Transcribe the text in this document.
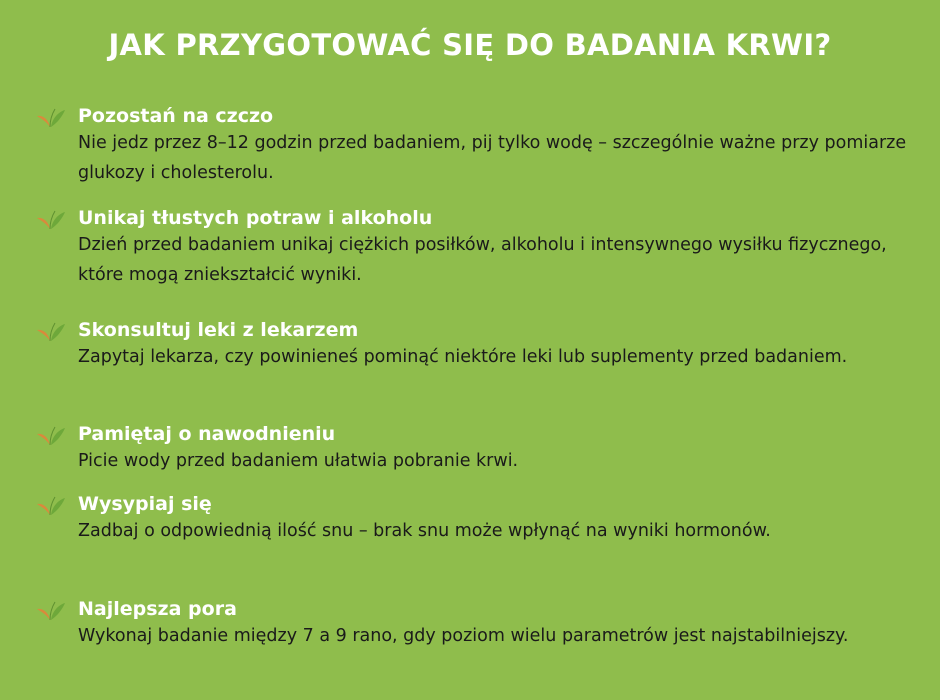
JAK PRZYGOTOWAĆ SIĘ DO BADANIA KRWI?
Pozostań na czczo
Nie jedz przez 8–12 godzin przed badaniem, pij tylko wodę – szczególnie ważne przy pomiarze glukozy i cholesterolu.
Unikaj tłustych potraw i alkoholu
Dzień przed badaniem unikaj ciężkich posiłków, alkoholu i intensywnego wysiłku fizycznego, które mogą zniekształcić wyniki.
Skonsultuj leki z lekarzem
Zapytaj lekarza, czy powinieneś pominąć niektóre leki lub suplementy przed badaniem.
Pamiętaj o nawodnieniu
Picie wody przed badaniem ułatwia pobranie krwi.
Wysypiaj się
Zadbaj o odpowiednią ilość snu – brak snu może wpłynąć na wyniki hormonów.
Najlepsza pora
Wykonaj badanie między 7 a 9 rano, gdy poziom wielu parametrów jest najstabilniejszy.
